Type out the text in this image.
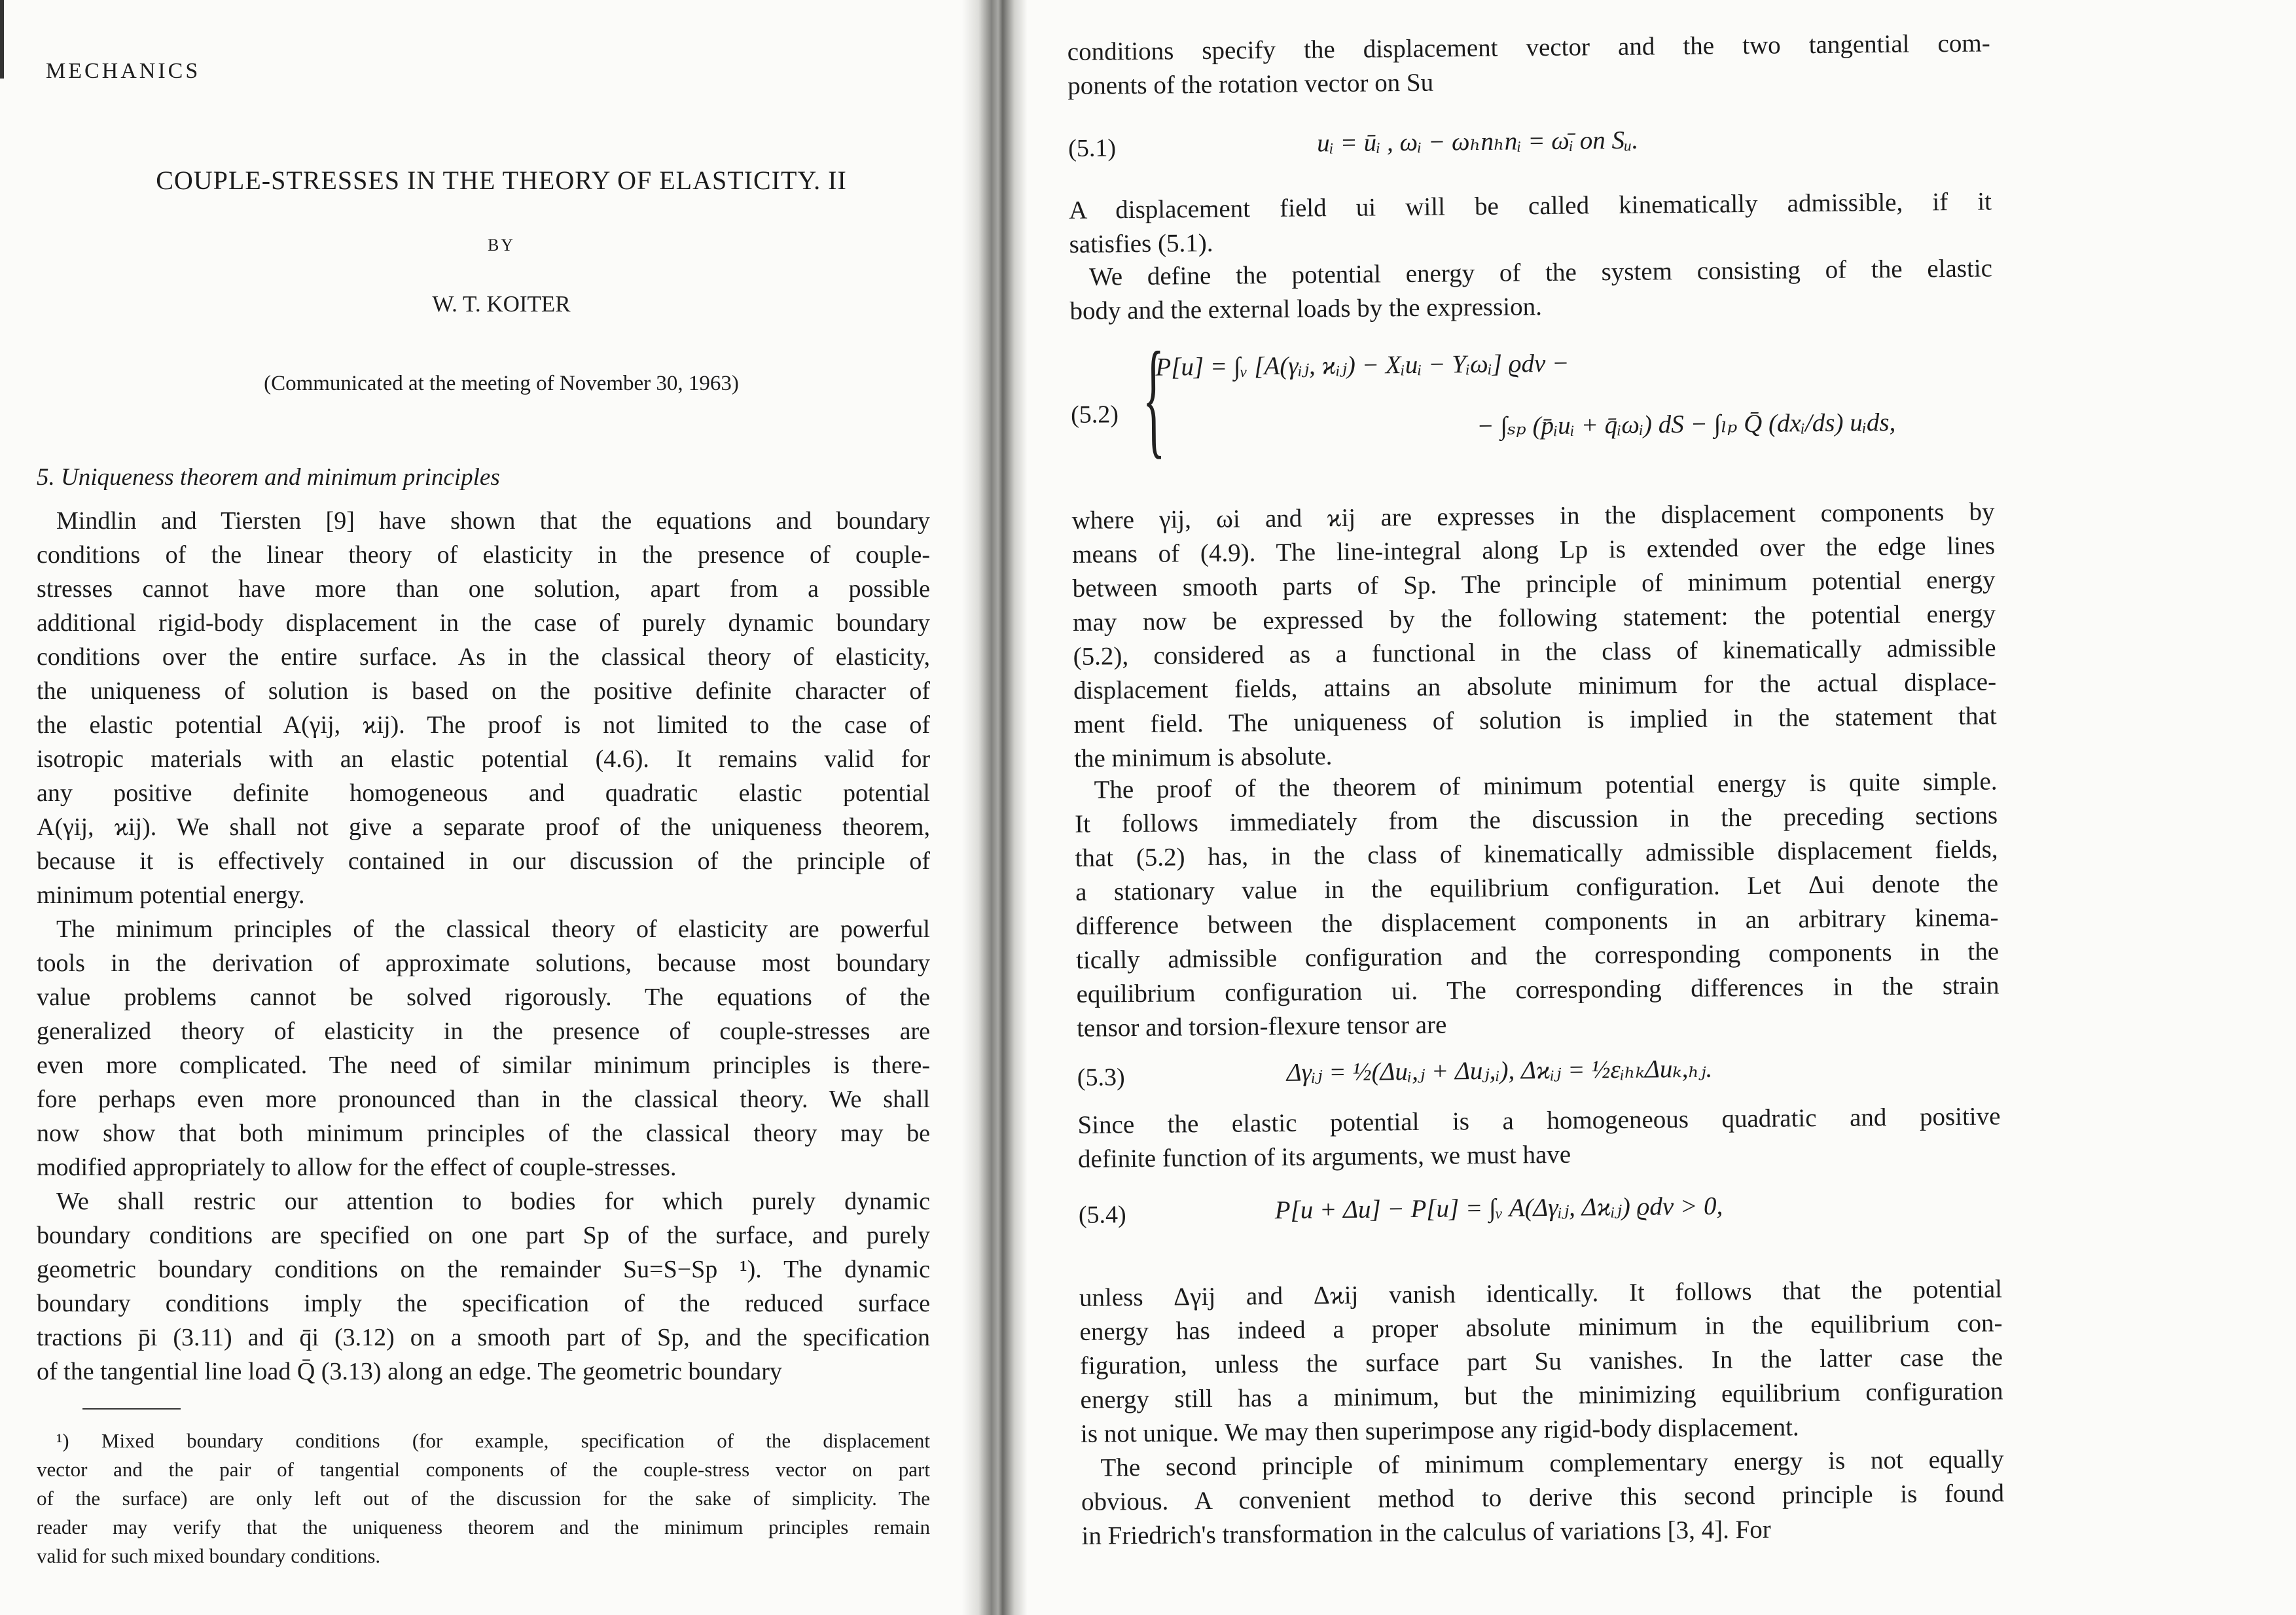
MECHANICS
COUPLE-STRESSES IN THE THEORY OF ELASTICITY. II
BY
W. T. KOITER
(Communicated at the meeting of November 30, 1963)
5. Uniqueness theorem and minimum principles
Mindlin and Tiersten [9] have shown that the equations and boundary
conditions of the linear theory of elasticity in the presence of couple-
stresses cannot have more than one solution, apart from a possible
additional rigid-body displacement in the case of purely dynamic boundary
conditions over the entire surface. As in the classical theory of elasticity,
the uniqueness of solution is based on the positive definite character of
the elastic potential A(γij, ϰij). The proof is not limited to the case of
isotropic materials with an elastic potential (4.6). It remains valid for
any positive definite homogeneous and quadratic elastic potential
A(γij, ϰij). We shall not give a separate proof of the uniqueness theorem,
because it is effectively contained in our discussion of the principle of
minimum potential energy.
The minimum principles of the classical theory of elasticity are powerful
tools in the derivation of approximate solutions, because most boundary
value problems cannot be solved rigorously. The equations of the
generalized theory of elasticity in the presence of couple-stresses are
even more complicated. The need of similar minimum principles is there-
fore perhaps even more pronounced than in the classical theory. We shall
now show that both minimum principles of the classical theory may be
modified appropriately to allow for the effect of couple-stresses.
We shall restric our attention to bodies for which purely dynamic
boundary conditions are specified on one part Sp of the surface, and purely
geometric boundary conditions on the remainder Su=S−Sp ¹). The dynamic
boundary conditions imply the specification of the reduced surface
tractions p̄i (3.11) and q̄i (3.12) on a smooth part of Sp, and the specification
of the tangential line load Q̄ (3.13) along an edge. The geometric boundary
¹) Mixed boundary conditions (for example, specification of the displacement
vector and the pair of tangential components of the couple-stress vector on part
of the surface) are only left out of the discussion for the sake of simplicity. The
reader may verify that the uniqueness theorem and the minimum principles remain
valid for such mixed boundary conditions.
conditions specify the displacement vector and the two tangential com-
ponents of the rotation vector on Su
(5.1)	uᵢ = ūᵢ , ωᵢ − ωₕnₕnᵢ = ω̄ᵢ on Sᵤ.
A displacement field ui will be called kinematically admissible, if it
satisfies (5.1).
We define the potential energy of the system consisting of the elastic
body and the external loads by the expression.
(5.2) {
P[u] = ∫ᵥ [A(γᵢⱼ, ϰᵢⱼ) − Xᵢuᵢ − Yᵢωᵢ] ϱdv −
− ∫ₛₚ (p̄ᵢuᵢ + q̄ᵢωᵢ) dS − ∫ₗₚ Q̄ (dxᵢ/ds) uᵢds,
where γij, ωi and ϰij are expresses in the displacement components by
means of (4.9). The line-integral along Lp is extended over the edge lines
between smooth parts of Sp. The principle of minimum potential energy
may now be expressed by the following statement: the potential energy
(5.2), considered as a functional in the class of kinematically admissible
displacement fields, attains an absolute minimum for the actual displace-
ment field. The uniqueness of solution is implied in the statement that
the minimum is absolute.
The proof of the theorem of minimum potential energy is quite simple.
It follows immediately from the discussion in the preceding sections
that (5.2) has, in the class of kinematically admissible displacement fields,
a stationary value in the equilibrium configuration. Let Δui denote the
difference between the displacement components in an arbitrary kinema-
tically admissible configuration and the corresponding components in the
equilibrium configuration ui. The corresponding differences in the strain
tensor and torsion-flexure tensor are
(5.3)	Δγᵢⱼ = ½(Δuᵢ,ⱼ + Δuⱼ,ᵢ), Δϰᵢⱼ = ½εᵢₕₖΔuₖ,ₕⱼ.
Since the elastic potential is a homogeneous quadratic and positive
definite function of its arguments, we must have
(5.4)	P[u + Δu] − P[u] = ∫ᵥ A(Δγᵢⱼ, Δϰᵢⱼ) ϱdv > 0,
unless Δγij and Δϰij vanish identically. It follows that the potential
energy has indeed a proper absolute minimum in the equilibrium con-
figuration, unless the surface part Su vanishes. In the latter case the
energy still has a minimum, but the minimizing equilibrium configuration
is not unique. We may then superimpose any rigid-body displacement.
The second principle of minimum complementary energy is not equally
obvious. A convenient method to derive this second principle is found
in Friedrich's transformation in the calculus of variations [3, 4]. For
